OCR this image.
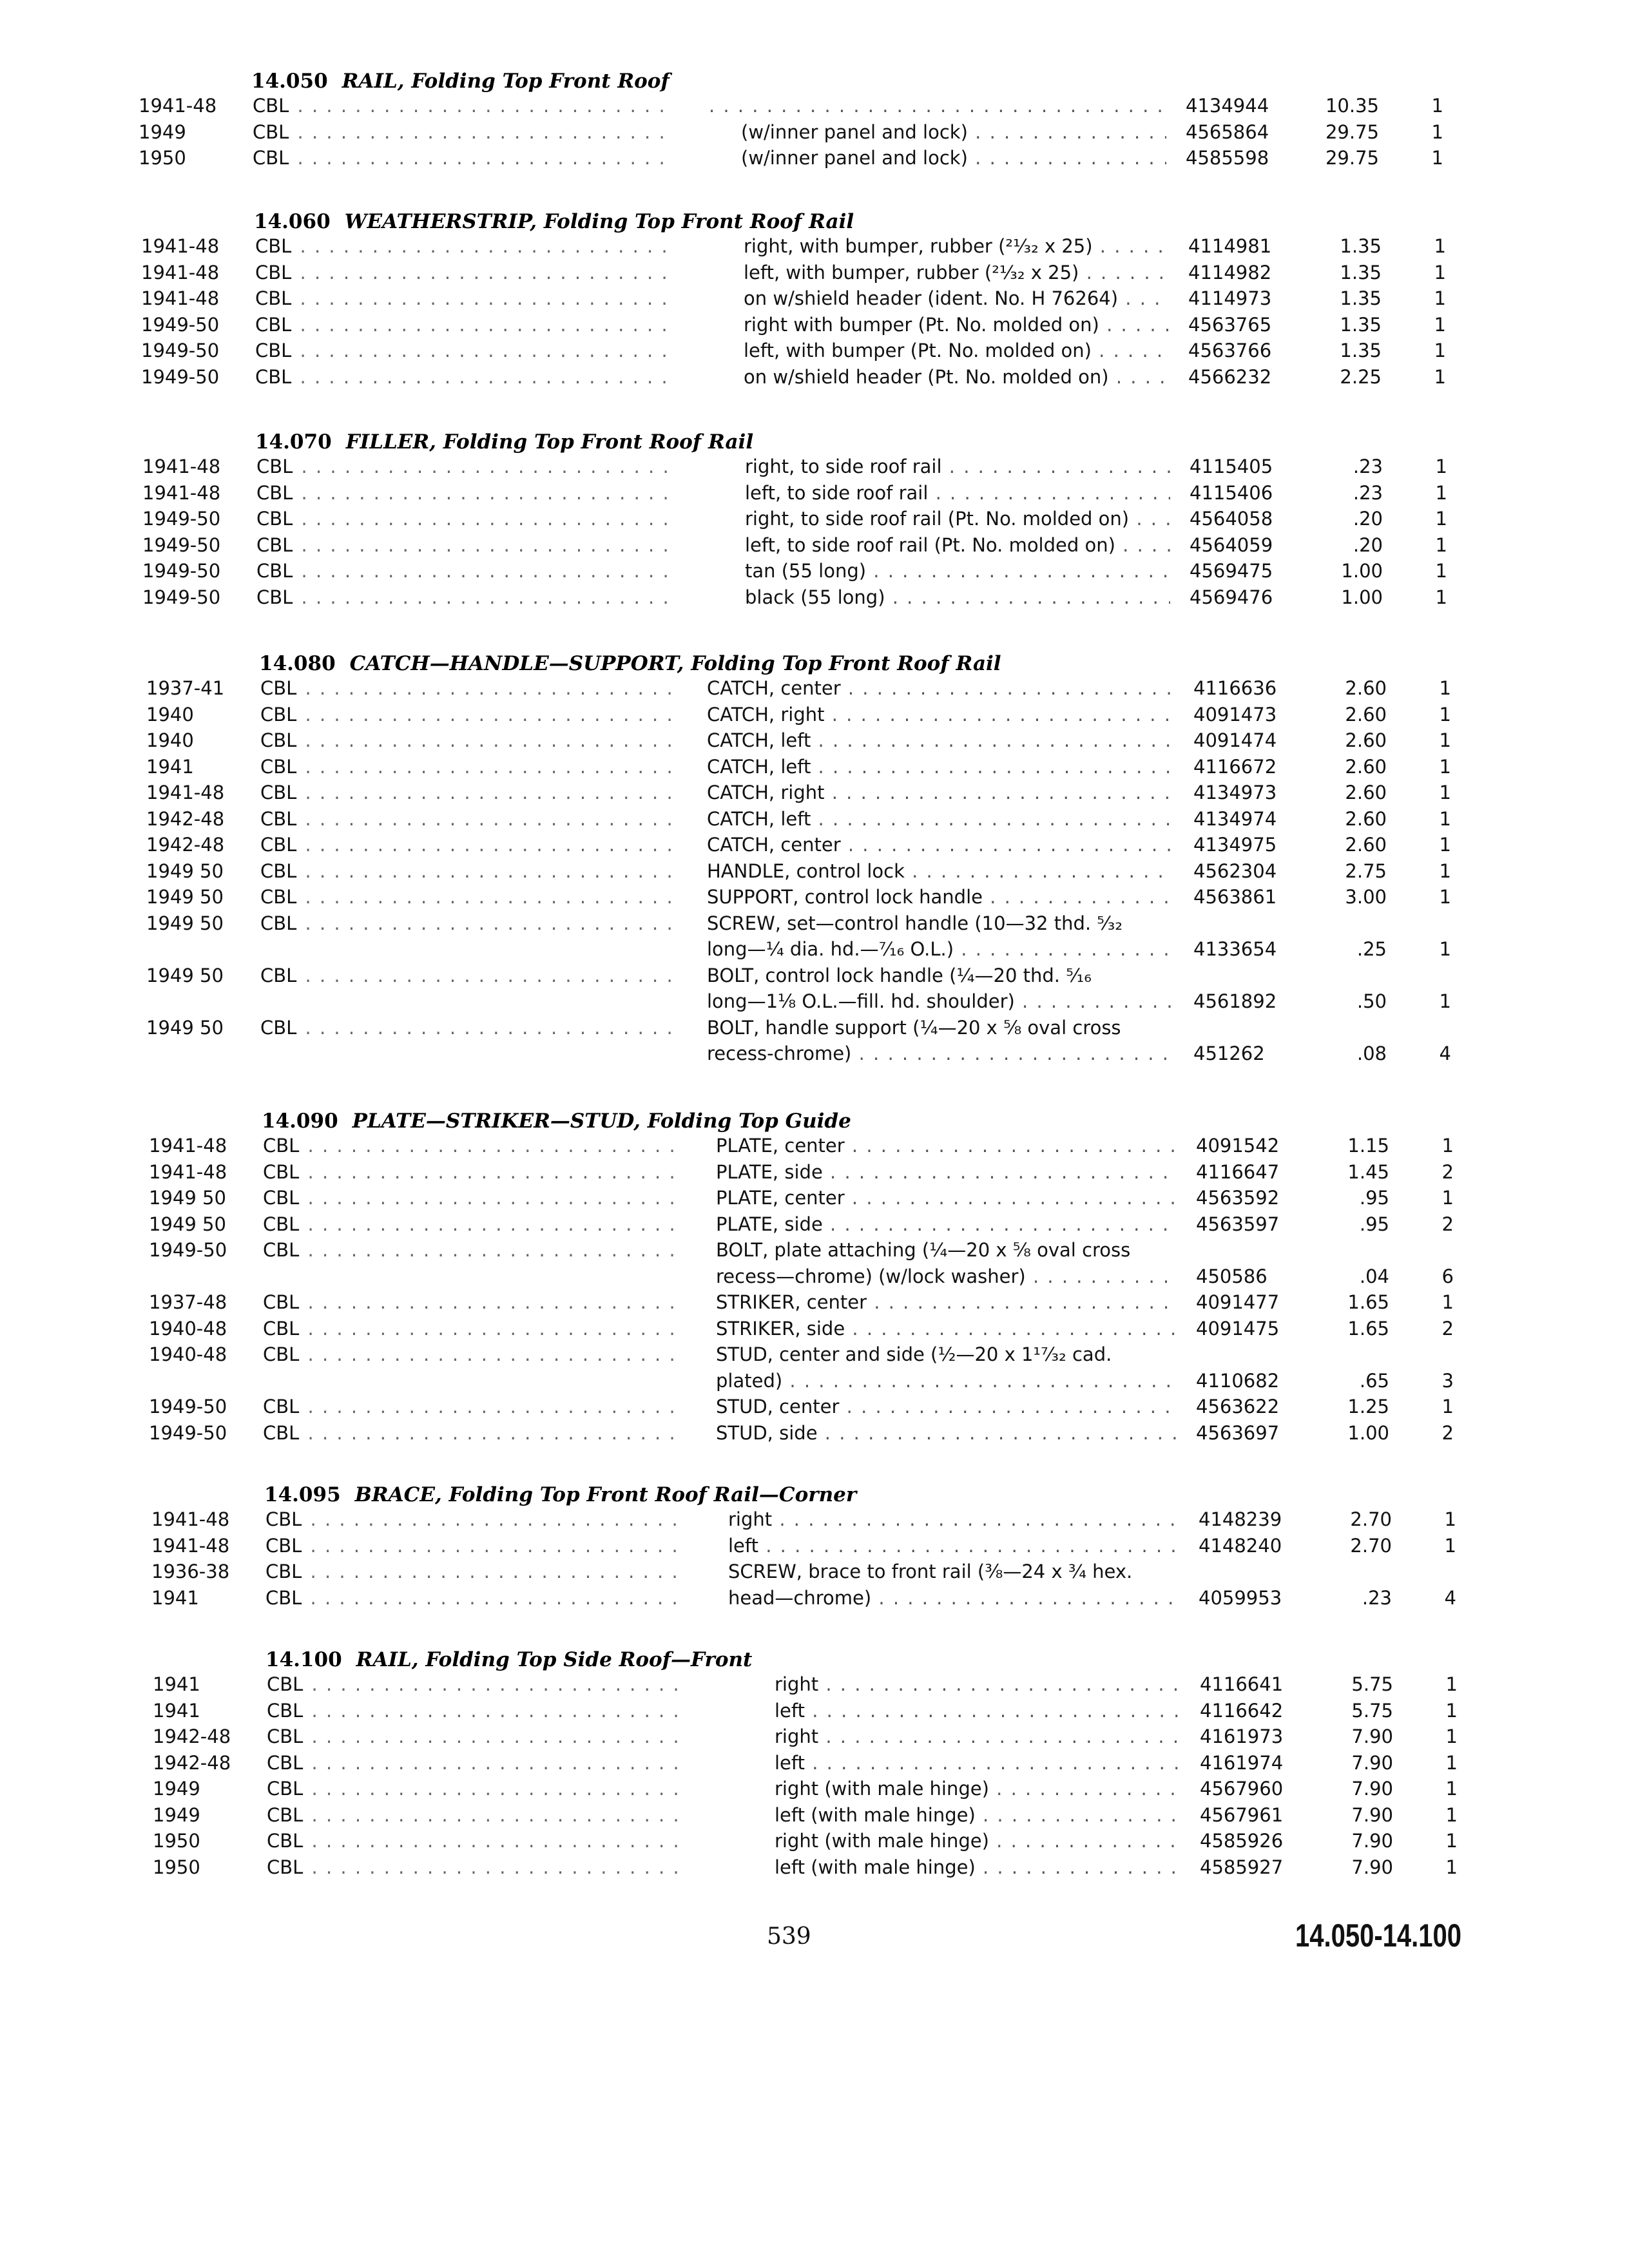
14.050 RAIL, Folding Top Front Roof
1941-48	CBL . . .
. . .	4134944	10.35	1
1949	CBL . . .	(w/inner panel and lock) . . .	4565864	29.75	1
1950	CBL . . .	(w/inner panel and lock) . . .	4585598	29.75	1
14.060 WEATHERSTRIP, Folding Top Front Roof Rail
1941-48	CBL . . .	right, with bumper, rubber (²¹⁄₃₂ x 25) . . .	4114981	1.35	1
1941-48	CBL . . .	left, with bumper, rubber (²¹⁄₃₂ x 25) . . .	4114982	1.35	1
1941-48	CBL . . .	on w/shield header (ident. No. H 76264) . . .	4114973	1.35	1
1949-50	CBL . . .	right with bumper (Pt. No. molded on) . . .	4563765	1.35	1
1949-50	CBL . . .	left, with bumper (Pt. No. molded on) . . .	4563766	1.35	1
1949-50	CBL . . .	on w/shield header (Pt. No. molded on) . . .	4566232	2.25	1
14.070 FILLER, Folding Top Front Roof Rail
1941-48	CBL . . .	right, to side roof rail . . .	4115405	.23	1
1941-48	CBL . . .	left, to side roof rail . . .	4115406	.23	1
1949-50	CBL . . .	right, to side roof rail (Pt. No. molded on) . . .	4564058	.20	1
1949-50	CBL . . .	left, to side roof rail (Pt. No. molded on) . . .	4564059	.20	1
1949-50	CBL . . .	tan (55 long) . . .	4569475	1.00	1
1949-50	CBL . . .	black (55 long) . . .	4569476	1.00	1
14.080 CATCH—HANDLE—SUPPORT, Folding Top Front Roof Rail
1937-41	CBL . . .	CATCH, center . . .	4116636	2.60	1
1940	CBL . . .	CATCH, right . . .	4091473	2.60	1
1940	CBL . . .	CATCH, left . . .	4091474	2.60	1
1941	CBL . . .	CATCH, left . . .	4116672	2.60	1
1941-48	CBL . . .	CATCH, right . . .	4134973	2.60	1
1942-48	CBL . . .	CATCH, left . . .	4134974	2.60	1
1942-48	CBL . . .	CATCH, center . . .	4134975	2.60	1
1949 50	CBL . . .	HANDLE, control lock . . .	4562304	2.75	1
1949 50	CBL . . .	SUPPORT, control lock handle . . .	4563861	3.00	1
1949 50	CBL . . .	SCREW, set—control handle (10—32 thd. ⁵⁄₃₂
long—¼ dia. hd.—⁷⁄₁₆ O.L.) . . .	4133654	.25	1
1949 50	CBL . . .	BOLT, control lock handle (¼—20 thd. ⁵⁄₁₆
long—1⅛ O.L.—fill. hd. shoulder) . . .	4561892	.50	1
1949 50	CBL . . .	BOLT, handle support (¼—20 x ⅝ oval cross
recess-chrome) . . .	451262	.08	4
14.090 PLATE—STRIKER—STUD, Folding Top Guide
1941-48	CBL . . .	PLATE, center . . .	4091542	1.15	1
1941-48	CBL . . .	PLATE, side . . .	4116647	1.45	2
1949 50	CBL . . .	PLATE, center . . .	4563592	.95	1
1949 50	CBL . . .	PLATE, side . . .	4563597	.95	2
1949-50	CBL . . .	BOLT, plate attaching (¼—20 x ⅝ oval cross
recess—chrome) (w/lock washer) . . .	450586	.04	6
1937-48	CBL . . .	STRIKER, center . . .	4091477	1.65	1
1940-48	CBL . . .	STRIKER, side . . .	4091475	1.65	2
1940-48	CBL . . .	STUD, center and side (½—20 x 1¹⁷⁄₃₂ cad.
plated) . . .	4110682	.65	3
1949-50	CBL . . .	STUD, center . . .	4563622	1.25	1
1949-50	CBL . . .	STUD, side . . .	4563697	1.00	2
14.095 BRACE, Folding Top Front Roof Rail—Corner
1941-48	CBL . . .	right . . .	4148239	2.70	1
1941-48	CBL . . .	left . . .	4148240	2.70	1
1936-38	CBL . . .
1941	CBL . . .
SCREW, brace to front rail (⅜—24 x ¾ hex.
head—chrome) . . .	4059953	.23	4
14.100 RAIL, Folding Top Side Roof—Front
1941	CBL . . .	right . . .	4116641	5.75	1
1941	CBL . . .	left . . .	4116642	5.75	1
1942-48	CBL . . .	right . . .	4161973	7.90	1
1942-48	CBL . . .	left . . .	4161974	7.90	1
1949	CBL . . .	right (with male hinge) . . .	4567960	7.90	1
1949	CBL . . .	left (with male hinge) . . .	4567961	7.90	1
1950	CBL . . .	right (with male hinge) . . .	4585926	7.90	1
1950	CBL . . .	left (with male hinge) . . .	4585927	7.90	1
539	14.050-14.100
